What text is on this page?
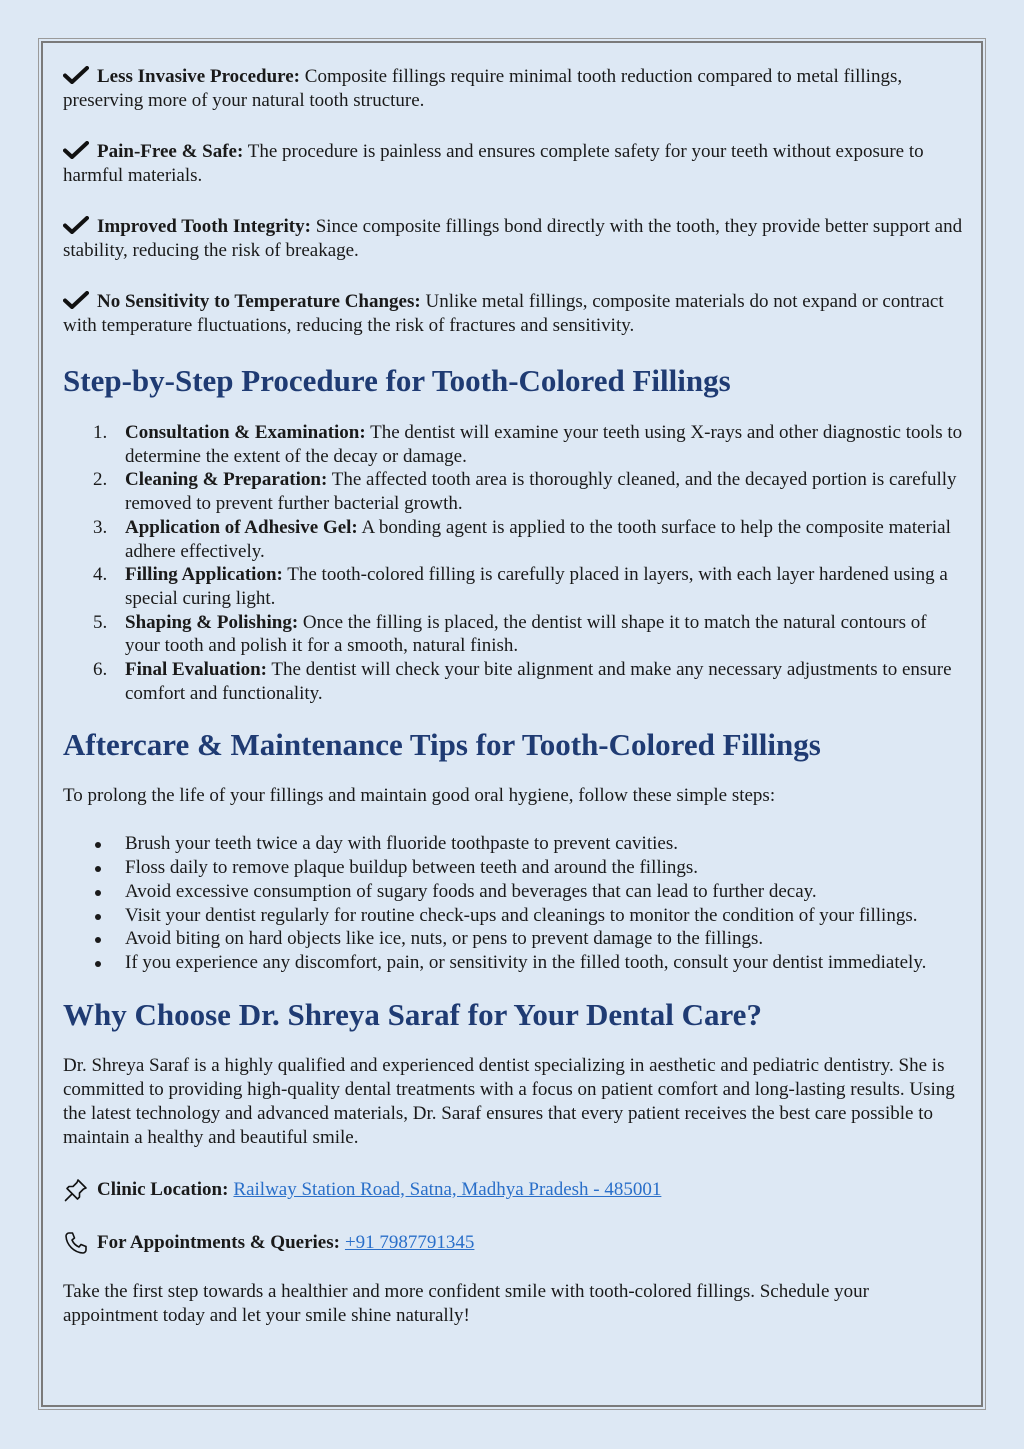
Less Invasive Procedure: Composite fillings require minimal tooth reduction compared to metal fillings, preserving more of your natural tooth structure.

Pain-Free & Safe: The procedure is painless and ensures complete safety for your teeth without exposure to harmful materials.

Improved Tooth Integrity: Since composite fillings bond directly with the tooth, they provide better support and stability, reducing the risk of breakage.

No Sensitivity to Temperature Changes: Unlike metal fillings, composite materials do not expand or contract with temperature fluctuations, reducing the risk of fractures and sensitivity.

Step-by-Step Procedure for Tooth-Colored Fillings
1. Consultation & Examination: The dentist will examine your teeth using X-rays and other diagnostic tools to determine the extent of the decay or damage.
2. Cleaning & Preparation: The affected tooth area is thoroughly cleaned, and the decayed portion is carefully removed to prevent further bacterial growth.
3. Application of Adhesive Gel: A bonding agent is applied to the tooth surface to help the composite material adhere effectively.
4. Filling Application: The tooth-colored filling is carefully placed in layers, with each layer hardened using a special curing light.
5. Shaping & Polishing: Once the filling is placed, the dentist will shape it to match the natural contours of your tooth and polish it for a smooth, natural finish.
6. Final Evaluation: The dentist will check your bite alignment and make any necessary adjustments to ensure comfort and functionality.
Aftercare & Maintenance Tips for Tooth-Colored Fillings

To prolong the life of your fillings and maintain good oral hygiene, follow these simple steps:

Brush your teeth twice a day with fluoride toothpaste to prevent cavities.
Floss daily to remove plaque buildup between teeth and around the fillings.
Avoid excessive consumption of sugary foods and beverages that can lead to further decay.
Visit your dentist regularly for routine check-ups and cleanings to monitor the condition of your fillings.
Avoid biting on hard objects like ice, nuts, or pens to prevent damage to the fillings.
If you experience any discomfort, pain, or sensitivity in the filled tooth, consult your dentist immediately.
Why Choose Dr. Shreya Saraf for Your Dental Care?

Dr. Shreya Saraf is a highly qualified and experienced dentist specializing in aesthetic and pediatric dentistry. She is committed to providing high-quality dental treatments with a focus on patient comfort and long-lasting results. Using the latest technology and advanced materials, Dr. Saraf ensures that every patient receives the best care possible to maintain a healthy and beautiful smile.

Clinic Location: Railway Station Road, Satna, Madhya Pradesh - 485001
For Appointments & Queries: +91 7987791345

Take the first step towards a healthier and more confident smile with tooth-colored fillings. Schedule your appointment today and let your smile shine naturally!
